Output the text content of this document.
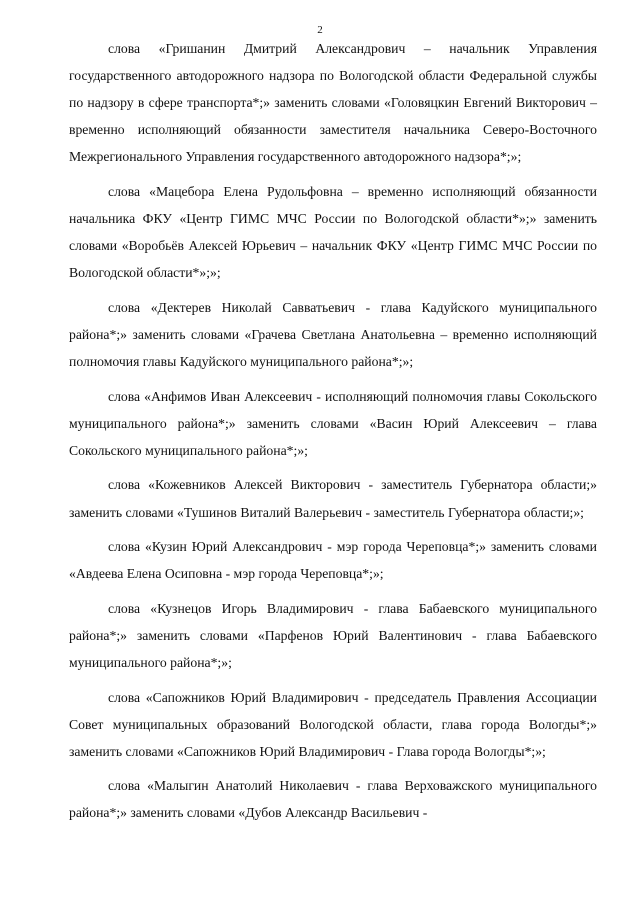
2

слова «Гришанин Дмитрий Александрович – начальник Управления государственного автодорожного надзора по Вологодской области Федеральной службы по надзору в сфере транспорта*;» заменить словами «Головяцкин Евгений Викторович – временно исполняющий обязанности заместителя начальника Северо-Восточного Межрегионального Управления государственного автодорожного надзора*;»;

слова «Мацебора Елена Рудольфовна – временно исполняющий обязанности начальника ФКУ «Центр ГИМС МЧС России по Вологодской области*»;» заменить словами «Воробьёв Алексей Юрьевич – начальник ФКУ «Центр ГИМС МЧС России по Вологодской области*»;»;

слова «Дектерев Николай Савватьевич - глава Кадуйского муниципального района*;» заменить словами «Грачева Светлана Анатольевна – временно исполняющий полномочия главы Кадуйского муниципального района*;»;

слова «Анфимов Иван Алексеевич - исполняющий полномочия главы Сокольского муниципального района*;» заменить словами «Васин Юрий Алексеевич – глава Сокольского муниципального района*;»;

слова «Кожевников Алексей Викторович - заместитель Губернатора области;» заменить словами «Тушинов Виталий Валерьевич - заместитель Губернатора области;»;

слова «Кузин Юрий Александрович - мэр города Череповца*;» заменить словами «Авдеева Елена Осиповна - мэр города Череповца*;»;

слова «Кузнецов Игорь Владимирович - глава Бабаевского муниципального района*;» заменить словами «Парфенов Юрий Валентинович - глава Бабаевского муниципального района*;»;

слова «Сапожников Юрий Владимирович - председатель Правления Ассоциации Совет муниципальных образований Вологодской области, глава города Вологды*;» заменить словами «Сапожников Юрий Владимирович - Глава города Вологды*;»;

слова «Малыгин Анатолий Николаевич - глава Верховажского муниципального района*;» заменить словами «Дубов Александр Васильевич -
